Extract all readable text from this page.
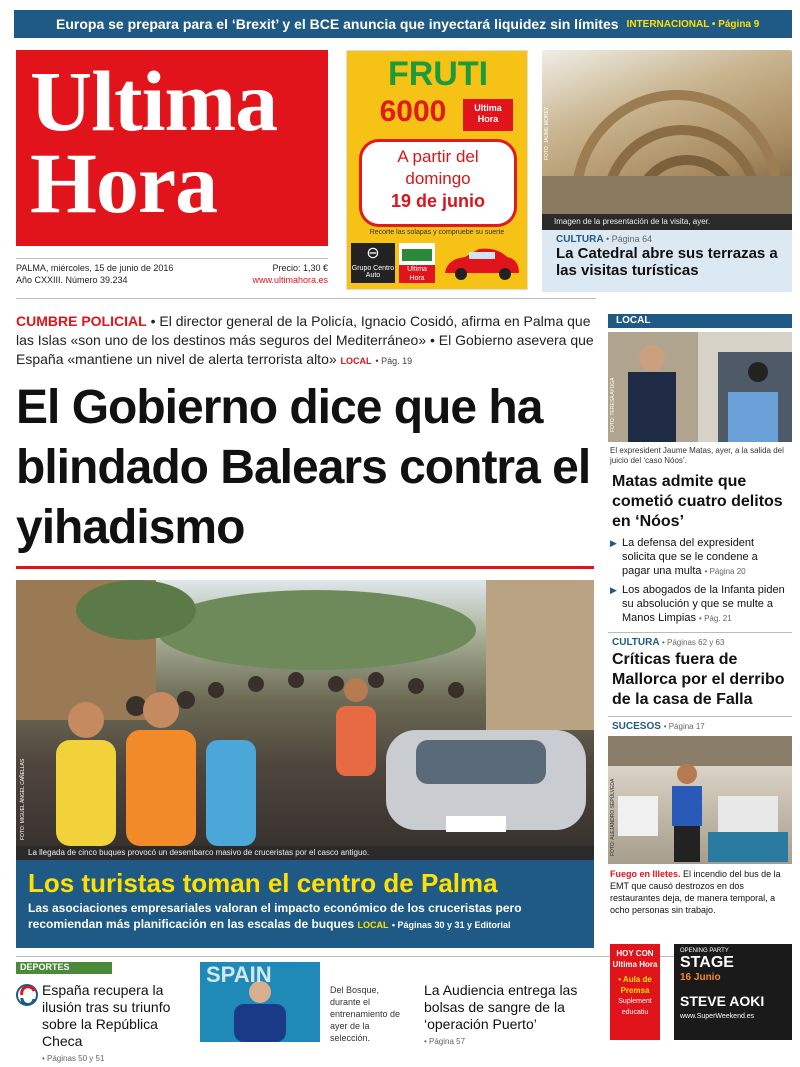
Europa se prepara para el ‘Brexit’ y el BCE anuncia que inyectará liquidez sin límites INTERNACIONAL • Página 9
Ultima
Hora
PALMA, miércoles, 15 de junio de 2016	Precio: 1,30 €
Año CXXIII. Número 39.234	www.ultimahora.es
FRUTI
6000	Ultima Hora
A partir del
domingo
19 de junio
Recorte las solapas y compruebe su suerte
⊖
Grupo Centro Auto
Ultima Hora
FOTO: JAUME MOREY
Imagen de la presentación de la visita, ayer.
CULTURA • Página 64
La Catedral abre sus terrazas a las visitas turísticas
CUMBRE POLICIAL • El director general de la Policía, Ignacio Cosidó, afirma en Palma que las Islas «son uno de los destinos más seguros del Mediterráneo» • El Gobierno asevera que España «mantiene un nivel de alerta terrorista alto» LOCAL • Pág. 19
El Gobierno dice que ha blindado Balears contra el yihadismo
FOTO: MIGUEL ÁNGEL CAÑELLAS
La llegada de cinco buques provocó un desembarco masivo de cruceristas por el casco antiguo.
Los turistas toman el centro de Palma

Las asociaciones empresariales valoran el impacto económico de los cruceristas pero recomiendan más planificación en las escalas de buques LOCAL • Páginas 30 y 31 y Editorial

LOCAL
FOTO: TERESA AYUGA
El expresident Jaume Matas, ayer, a la salida del juicio del ‘caso Nóos’.
Matas admite que cometió cuatro delitos en ‘Nóos’
▶ La defensa del expresident solicita que se le condene a pagar una multa • Página 20
▶ Los abogados de la Infanta piden su absolución y que se multe a Manos Limpias • Pág. 21
CULTURA • Páginas 62 y 63
Críticas fuera de Mallorca por el derribo de la casa de Falla
SUCESOS • Página 17
FOTO: ALEJANDRO SEPÚLVEDA
Fuego en Illetes. El incendio del bus de la EMT que causó destrozos en dos restaurantes deja, de manera temporal, a ocho personas sin trabajo.
DEPORTES
España recupera la ilusión tras su triunfo sobre la República Checa
• Páginas 50 y 51
SPAIN
Del Bosque, durante el entrenamiento de ayer de la selección.
La Audiencia entrega las bolsas de sangre de la ‘operación Puerto’
• Página 57
HOY CON
Ultima Hora
• Aula de Premsa
Suplement educatiu
OPENING PARTY
STAGE
16 Junio
STEVE AOKI
www.SuperWeekend.es
